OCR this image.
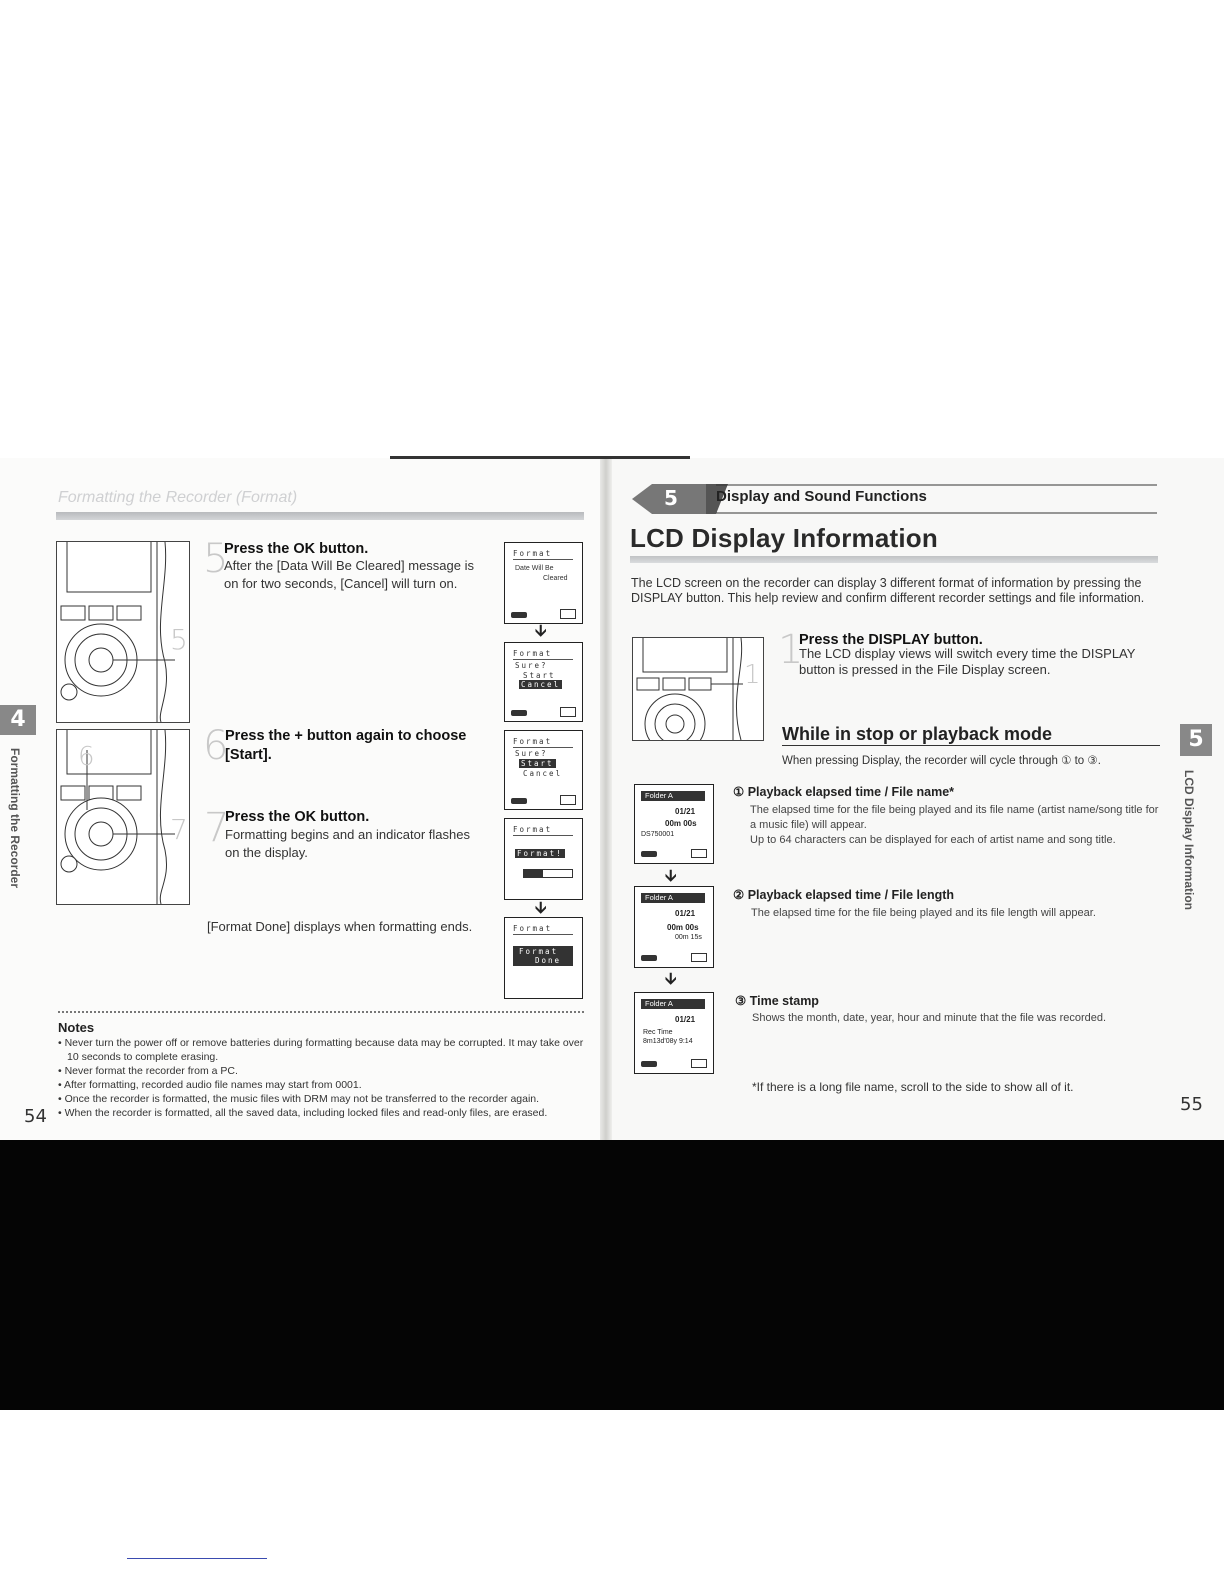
Formatting the Recorder (Format)
5
6
7
5
Press the OK button.
After the [Data Will Be Cleared] message is on for two seconds, [Cancel] will turn on.
6
Press the + button again to choose [Start].
7
Press the OK button.
Formatting begins and an indicator flashes on the display.
[Format Done] displays when formatting ends.
Format
Date Will Be
Cleared
🡫
Format
Sure?
Start
Cancel
Format
Sure?
Start
Cancel
Format
Format!
🡫
Format
Format
Done
4
Formatting the Recorder
Notes
• Never turn the power off or remove batteries during formatting because data may be corrupted. It may take over 10 seconds to complete erasing.
• Never format the recorder from a PC.
• After formatting, recorded audio file names may start from 0001.
• Once the recorder is formatted, the music files with DRM may not be transferred to the recorder again.
• When the recorder is formatted, all the saved data, including locked files and read-only files, are erased.
54
5	Display and Sound Functions
LCD Display Information
The LCD screen on the recorder can display 3 different format of information by pressing the DISPLAY button. This help review and confirm different recorder settings and file information.
1
1
Press the DISPLAY button.
The LCD display views will switch every time the DISPLAY button is pressed in the File Display screen.
While in stop or playback mode
When pressing Display, the recorder will cycle through ① to ③.
Folder A
01/21
00m 00s
DS750001
🡫
Folder A
01/21
00m 00s
00m 15s
🡫
Folder A
01/21
Rec Time
8m13d'08y 9:14
① Playback elapsed time / File name*
The elapsed time for the file being played and its file name (artist name/song title for a music file) will appear.
Up to 64 characters can be displayed for each of artist name and song title.
② Playback elapsed time / File length
The elapsed time for the file being played and its file length will appear.
③ Time stamp
Shows the month, date, year, hour and minute that the file was recorded.
*If there is a long file name, scroll to the side to show all of it.
5
LCD Display Information
55
